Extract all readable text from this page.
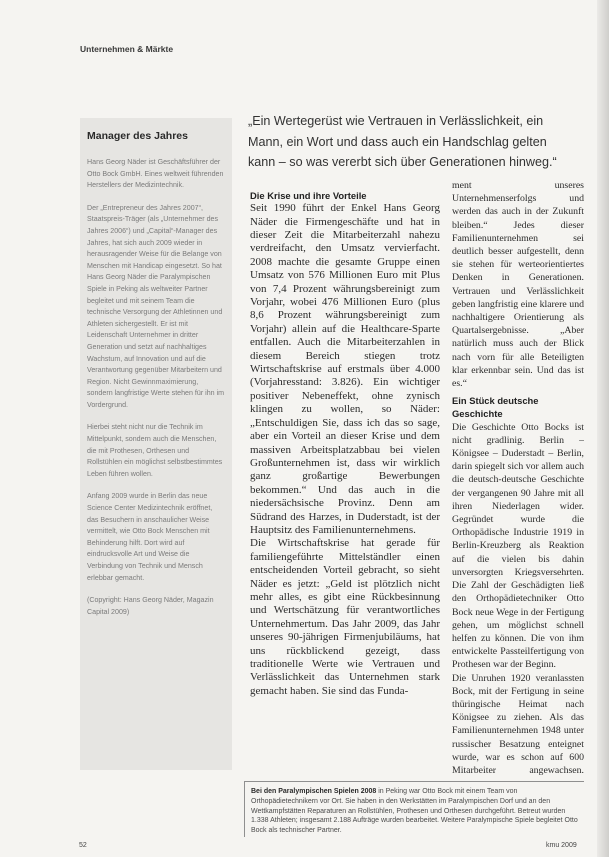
Unternehmen & Märkte
Manager des Jahres

Hans Georg Näder ist Geschäftsführer der Otto Bock GmbH. Eines weltweit führenden Herstellers der Medizintechnik.

Der „Entrepreneur des Jahres 2007“, Staatspreis-Träger (als „Unternehmer des Jahres 2006“) und „Capital“-Manager des Jahres, hat sich auch 2009 wieder in herausragender Weise für die Belange von Menschen mit Handicap eingesetzt. So hat Hans Georg Näder die Paralympischen Spiele in Peking als weltweiter Partner begleitet und mit seinem Team die technische Versorgung der Athletinnen und Athleten sichergestellt. Er ist mit Leidenschaft Unternehmer in dritter Generation und setzt auf nachhaltiges Wachstum, auf Innovation und auf die Verantwortung gegenüber Mitarbeitern und Region. Nicht Gewinnmaximierung, sondern langfristige Werte stehen für ihn im Vordergrund.

Hierbei steht nicht nur die Technik im Mittelpunkt, sondern auch die Menschen, die mit Prothesen, Orthesen und Rollstühlen ein möglichst selbstbestimmtes Leben führen wollen.

Anfang 2009 wurde in Berlin das neue Science Center Medizintechnik eröffnet, das Besuchern in anschaulicher Weise vermittelt, wie Otto Bock Menschen mit Behinderung hilft. Dort wird auf eindrucksvolle Art und Weise die Verbindung von Technik und Mensch erlebbar gemacht.

(Copyright: Hans Georg Näder, Magazin Capital 2009)

„Ein Wertegerüst wie Vertrauen in Verlässlichkeit, ein
Mann, ein Wort und dass auch ein Handschlag gelten
kann – so was vererbt sich über Generationen hinweg.“
Die Krise und ihre Vorteile

Seit 1990 führt der Enkel Hans Georg Näder die Firmengeschäfte und hat in dieser Zeit die Mitarbeiterzahl nahezu verdreifacht, den Umsatz vervierfacht. 2008 machte die gesamte Gruppe einen Umsatz von 576 Millionen Euro mit Plus von 7,4 Prozent währungsbereinigt zum Vorjahr, wobei 476 Millionen Euro (plus 8,6 Prozent währungsbereinigt zum Vorjahr) allein auf die Healthcare-Sparte entfallen. Auch die Mitarbeiterzahlen in diesem Bereich stiegen trotz Wirtschaftskrise auf erstmals über 4.000 (Vorjahresstand: 3.826). Ein wichtiger positiver Nebeneffekt, ohne zynisch klingen zu wollen, so Näder: „Entschuldigen Sie, dass ich das so sage, aber ein Vorteil an dieser Krise und dem massiven Arbeitsplatzabbau bei vielen Großunternehmen ist, dass wir wirklich ganz großartige Bewerbungen bekommen.“ Und das auch in die niedersächsische Provinz. Denn am Südrand des Harzes, in Duderstadt, ist der Hauptsitz des Familienunternehmens.

Die Wirtschaftskrise hat gerade für familiengeführte Mittelständler einen entscheidenden Vorteil gebracht, so sieht Näder es jetzt: „Geld ist plötzlich nicht mehr alles, es gibt eine Rückbesinnung und Wertschätzung für verantwortliches Unternehmertum. Das Jahr 2009, das Jahr unseres 90-jährigen Firmenjubiläums, hat uns rückblickend gezeigt, dass traditionelle Werte wie Vertrauen und Verlässlichkeit das Unternehmen stark gemacht haben. Sie sind das Funda-

ment unseres Unternehmenserfolgs und werden das auch in der Zukunft bleiben.“ Jedes dieser Familienunternehmen sei deutlich besser aufgestellt, denn sie stehen für werteorientiertes Denken in Generationen. Vertrauen und Verlässlichkeit geben langfristig eine klarere und nachhaltigere Orientierung als Quartalsergebnisse. „Aber natürlich muss auch der Blick nach vorn für alle Beteiligten klar erkennbar sein. Und das ist es.“

Ein Stück deutsche Geschichte

Die Geschichte Otto Bocks ist nicht gradlinig. Berlin – Königsee – Duderstadt – Berlin, darin spiegelt sich vor allem auch die deutsch-deutsche Geschichte der vergangenen 90 Jahre mit all ihren Niederlagen wider. Gegründet wurde die Orthopädische Industrie 1919 in Berlin-Kreuzberg als Reaktion auf die vielen bis dahin unversorgten Kriegsversehrten. Die Zahl der Geschädigten ließ den Orthopädietechniker Otto Bock neue Wege in der Fertigung gehen, um möglichst schnell helfen zu können. Die von ihm entwickelte Passteilfertigung von Prothesen war der Beginn.

Die Unruhen 1920 veranlassten Bock, mit der Fertigung in seine thüringische Heimat nach Königsee zu ziehen. Als das Familienunternehmen 1948 unter russischer Besatzung enteignet wurde, war es schon auf 600 Mitarbeiter angewachsen.

Bei den Paralympischen Spielen 2008 in Peking war Otto Bock mit einem Team von Orthopädietechnikern vor Ort. Sie haben in den Werkstätten im Paralympischen Dorf und an den Wettkampfstätten Reparaturen an Rollstühlen, Prothesen und Orthesen durchgeführt. Betreut wurden 1.338 Athleten; insgesamt 2.188 Aufträge wurden bearbeitet. Weitere Paralympische Spiele begleitet Otto Bock als technischer Partner.
52	kmu 2009
